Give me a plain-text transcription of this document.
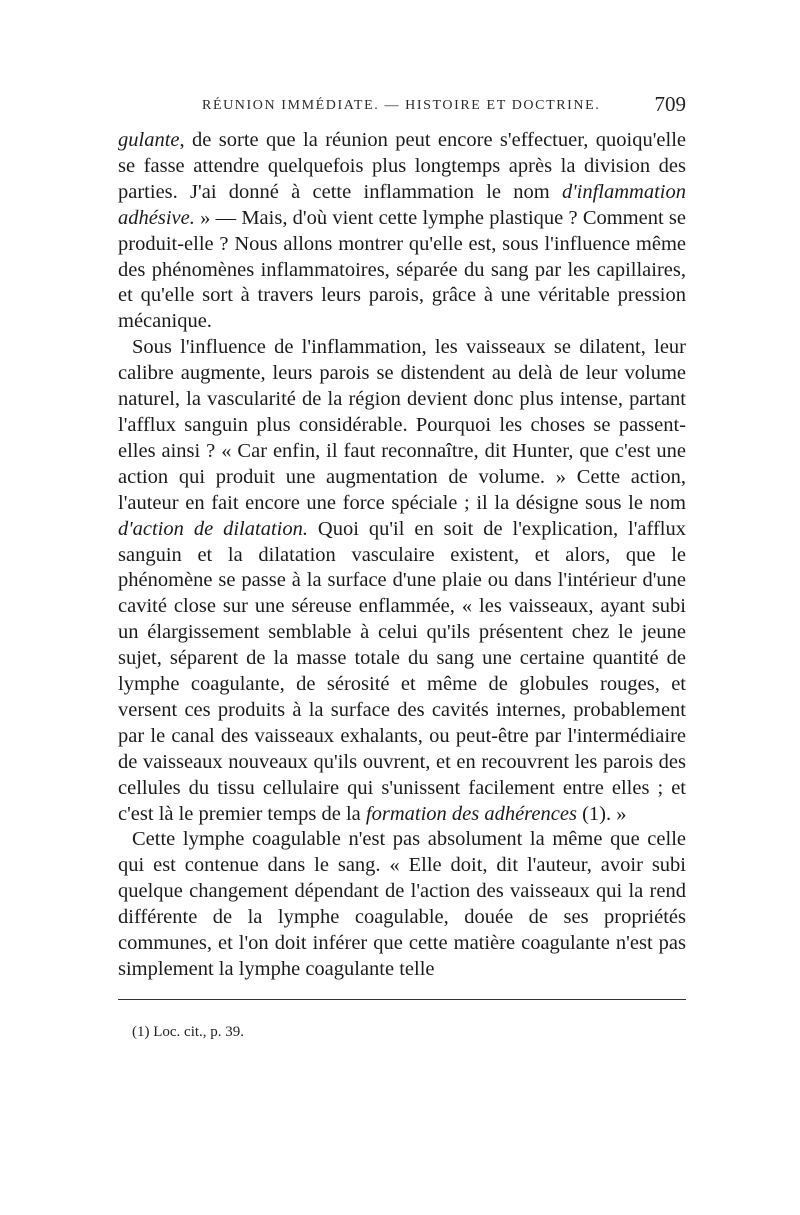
RÉUNION IMMÉDIATE. — HISTOIRE ET DOCTRINE.	709

gulante, de sorte que la réunion peut encore s'effectuer, quoiqu'elle se fasse attendre quelquefois plus longtemps après la division des parties. J'ai donné à cette inflammation le nom d'inflammation adhésive. » — Mais, d'où vient cette lymphe plastique ? Comment se produit-elle ? Nous allons montrer qu'elle est, sous l'influence même des phénomènes inflammatoires, séparée du sang par les capillaires, et qu'elle sort à travers leurs parois, grâce à une véritable pression mécanique.

Sous l'influence de l'inflammation, les vaisseaux se dilatent, leur calibre augmente, leurs parois se distendent au delà de leur volume naturel, la vascularité de la région devient donc plus intense, partant l'afflux sanguin plus considérable. Pourquoi les choses se passent-elles ainsi ? « Car enfin, il faut reconnaître, dit Hunter, que c'est une action qui produit une augmentation de volume. » Cette action, l'auteur en fait encore une force spéciale ; il la désigne sous le nom d'action de dilatation. Quoi qu'il en soit de l'explication, l'afflux sanguin et la dilatation vasculaire existent, et alors, que le phénomène se passe à la surface d'une plaie ou dans l'intérieur d'une cavité close sur une séreuse enflammée, « les vaisseaux, ayant subi un élargissement semblable à celui qu'ils présentent chez le jeune sujet, séparent de la masse totale du sang une certaine quantité de lymphe coagulante, de sérosité et même de globules rouges, et versent ces produits à la surface des cavités internes, probablement par le canal des vaisseaux exhalants, ou peut-être par l'intermédiaire de vaisseaux nouveaux qu'ils ouvrent, et en recouvrent les parois des cellules du tissu cellulaire qui s'unissent facilement entre elles ; et c'est là le premier temps de la formation des adhérences (1). »

Cette lymphe coagulable n'est pas absolument la même que celle qui est contenue dans le sang. « Elle doit, dit l'auteur, avoir subi quelque changement dépendant de l'action des vaisseaux qui la rend différente de la lymphe coagulable, douée de ses propriétés communes, et l'on doit inférer que cette matière coagulante n'est pas simplement la lymphe coagulante telle

(1) Loc. cit., p. 39.
